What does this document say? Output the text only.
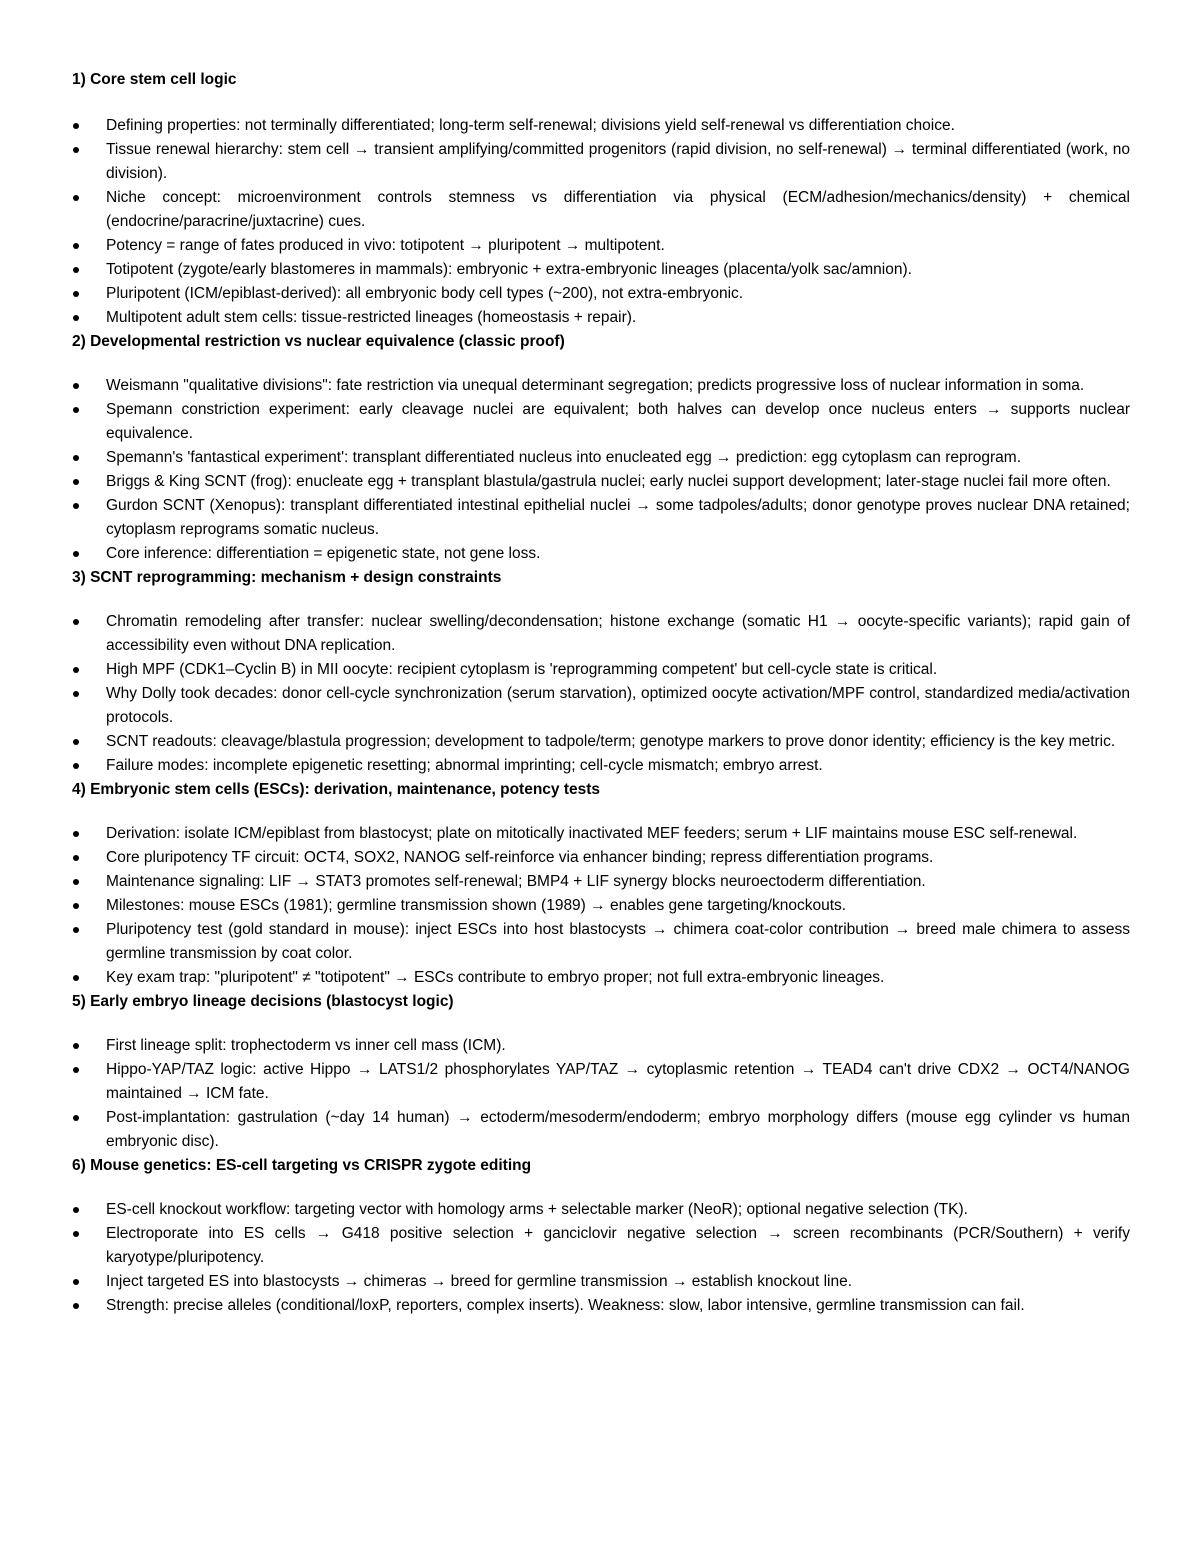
1) Core stem cell logic
Defining properties: not terminally differentiated; long-term self-renewal; divisions yield self-renewal vs differentiation choice.
Tissue renewal hierarchy: stem cell → transient amplifying/committed progenitors (rapid division, no self-renewal) → terminal differentiated (work, no division).
Niche concept: microenvironment controls stemness vs differentiation via physical (ECM/adhesion/mechanics/density) + chemical (endocrine/paracrine/juxtacrine) cues.
Potency = range of fates produced in vivo: totipotent → pluripotent → multipotent.
Totipotent (zygote/early blastomeres in mammals): embryonic + extra-embryonic lineages (placenta/yolk sac/amnion).
Pluripotent (ICM/epiblast-derived): all embryonic body cell types (~200), not extra-embryonic.
Multipotent adult stem cells: tissue-restricted lineages (homeostasis + repair).
2) Developmental restriction vs nuclear equivalence (classic proof)
Weismann "qualitative divisions": fate restriction via unequal determinant segregation; predicts progressive loss of nuclear information in soma.
Spemann constriction experiment: early cleavage nuclei are equivalent; both halves can develop once nucleus enters → supports nuclear equivalence.
Spemann's 'fantastical experiment': transplant differentiated nucleus into enucleated egg → prediction: egg cytoplasm can reprogram.
Briggs & King SCNT (frog): enucleate egg + transplant blastula/gastrula nuclei; early nuclei support development; later-stage nuclei fail more often.
Gurdon SCNT (Xenopus): transplant differentiated intestinal epithelial nuclei → some tadpoles/adults; donor genotype proves nuclear DNA retained; cytoplasm reprograms somatic nucleus.
Core inference: differentiation = epigenetic state, not gene loss.
3) SCNT reprogramming: mechanism + design constraints
Chromatin remodeling after transfer: nuclear swelling/decondensation; histone exchange (somatic H1 → oocyte-specific variants); rapid gain of accessibility even without DNA replication.
High MPF (CDK1–Cyclin B) in MII oocyte: recipient cytoplasm is 'reprogramming competent' but cell-cycle state is critical.
Why Dolly took decades: donor cell-cycle synchronization (serum starvation), optimized oocyte activation/MPF control, standardized media/activation protocols.
SCNT readouts: cleavage/blastula progression; development to tadpole/term; genotype markers to prove donor identity; efficiency is the key metric.
Failure modes: incomplete epigenetic resetting; abnormal imprinting; cell-cycle mismatch; embryo arrest.
4) Embryonic stem cells (ESCs): derivation, maintenance, potency tests
Derivation: isolate ICM/epiblast from blastocyst; plate on mitotically inactivated MEF feeders; serum + LIF maintains mouse ESC self-renewal.
Core pluripotency TF circuit: OCT4, SOX2, NANOG self-reinforce via enhancer binding; repress differentiation programs.
Maintenance signaling: LIF → STAT3 promotes self-renewal; BMP4 + LIF synergy blocks neuroectoderm differentiation.
Milestones: mouse ESCs (1981); germline transmission shown (1989) → enables gene targeting/knockouts.
Pluripotency test (gold standard in mouse): inject ESCs into host blastocysts → chimera coat-color contribution → breed male chimera to assess germline transmission by coat color.
Key exam trap: "pluripotent" ≠ "totipotent" → ESCs contribute to embryo proper; not full extra-embryonic lineages.
5) Early embryo lineage decisions (blastocyst logic)
First lineage split: trophectoderm vs inner cell mass (ICM).
Hippo-YAP/TAZ logic: active Hippo → LATS1/2 phosphorylates YAP/TAZ → cytoplasmic retention → TEAD4 can't drive CDX2 → OCT4/NANOG maintained → ICM fate.
Post-implantation: gastrulation (~day 14 human) → ectoderm/mesoderm/endoderm; embryo morphology differs (mouse egg cylinder vs human embryonic disc).
6) Mouse genetics: ES-cell targeting vs CRISPR zygote editing
ES-cell knockout workflow: targeting vector with homology arms + selectable marker (NeoR); optional negative selection (TK).
Electroporate into ES cells → G418 positive selection + ganciclovir negative selection → screen recombinants (PCR/Southern) + verify karyotype/pluripotency.
Inject targeted ES into blastocysts → chimeras → breed for germline transmission → establish knockout line.
Strength: precise alleles (conditional/loxP, reporters, complex inserts). Weakness: slow, labor intensive, germline transmission can fail.
